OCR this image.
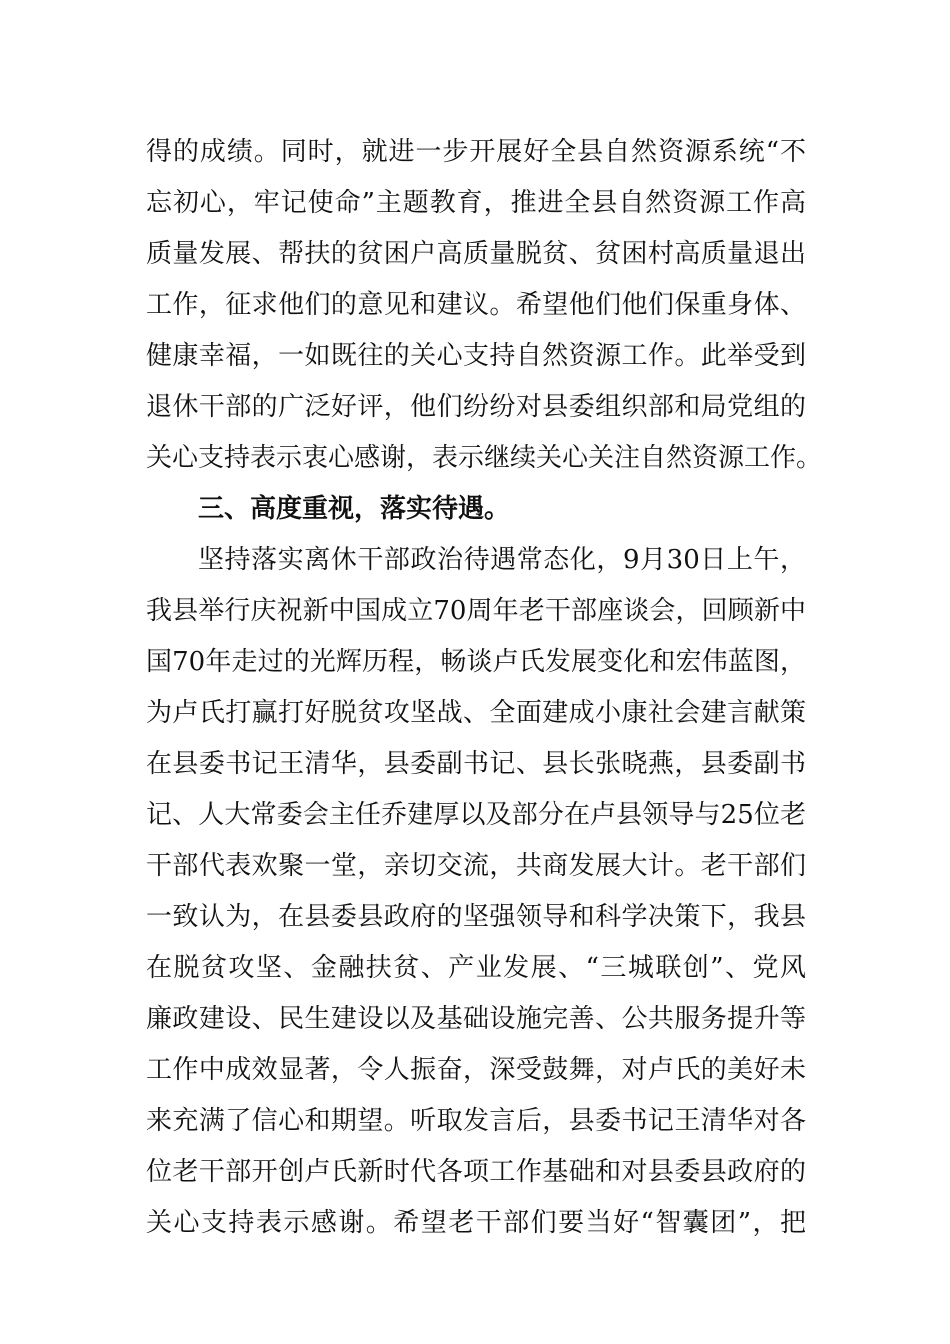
得的成绩。同时，就进一步开展好全县自然资源系统“不
忘初心，牢记使命”主题教育，推进全县自然资源工作高
质量发展、帮扶的贫困户高质量脱贫、贫困村高质量退出
工作，征求他们的意见和建议。希望他们他们保重身体、
健康幸福，一如既往的关心支持自然资源工作。此举受到
退休干部的广泛好评，他们纷纷对县委组织部和局党组的
关心支持表示衷心感谢，表示继续关心关注自然资源工作。
三、高度重视，落实待遇。
坚持落实离休干部政治待遇常态化，9月30日上午，
我县举行庆祝新中国成立70周年老干部座谈会，回顾新中
国70年走过的光辉历程，畅谈卢氏发展变化和宏伟蓝图，
为卢氏打赢打好脱贫攻坚战、全面建成小康社会建言献策
在县委书记王清华，县委副书记、县长张晓燕，县委副书
记、人大常委会主任乔建厚以及部分在卢县领导与25位老
干部代表欢聚一堂，亲切交流，共商发展大计。老干部们
一致认为，在县委县政府的坚强领导和科学决策下，我县
在脱贫攻坚、金融扶贫、产业发展、“三城联创”、党风
廉政建设、民生建设以及基础设施完善、公共服务提升等
工作中成效显著，令人振奋，深受鼓舞，对卢氏的美好未
来充满了信心和期望。听取发言后，县委书记王清华对各
位老干部开创卢氏新时代各项工作基础和对县委县政府的
关心支持表示感谢。希望老干部们要当好“智囊团”，把
